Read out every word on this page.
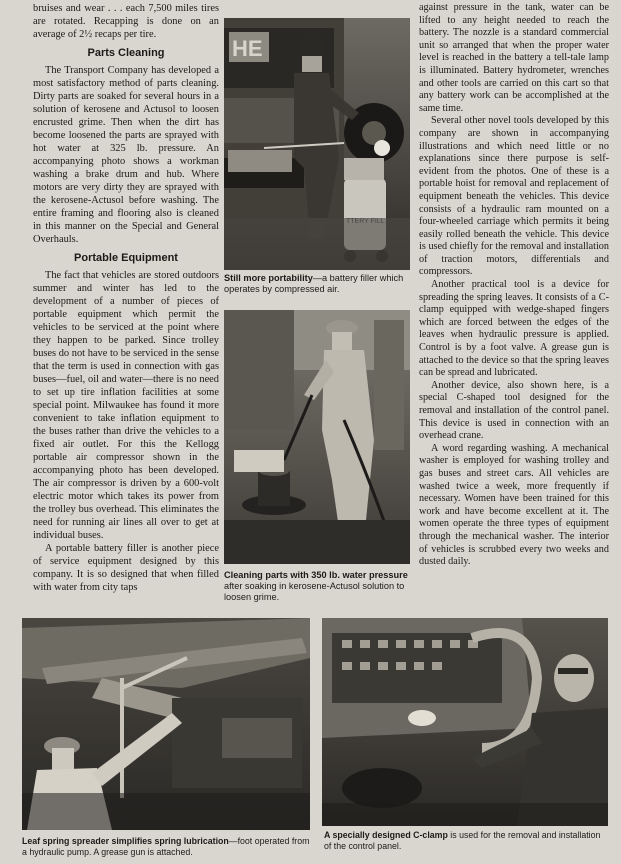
bruises and wear . . . each 7,500 miles tires are rotated. Recapping is done on an average of 2½ recaps per tire.

Parts Cleaning

The Transport Company has developed a most satisfactory method of parts cleaning. Dirty parts are soaked for several hours in a solution of kerosene and Actusol to loosen encrusted grime. Then when the dirt has become loosened the parts are sprayed with hot water at 325 lb. pressure. An accompanying photo shows a workman washing a brake drum and hub. Where motors are very dirty they are sprayed with the kerosene-Actusol before washing. The entire framing and flooring also is cleaned in this manner on the Special and General Overhauls.

Portable Equipment

The fact that vehicles are stored outdoors summer and winter has led to the development of a number of pieces of portable equipment which permit the vehicles to be serviced at the point where they happen to be parked. Since trolley buses do not have to be serviced in the sense that the term is used in connection with gas buses—fuel, oil and water—there is no need to set up tire inflation facilities at some special point. Milwaukee has found it more convenient to take inflation equipment to the buses rather than drive the vehicles to a fixed air outlet. For this the Kellogg portable air compressor shown in the accompanying photo has been developed. The air compressor is driven by a 600-volt electric motor which takes its power from the trolley bus overhead. This eliminates the need for running air lines all over to get at individual buses.

A portable battery filler is another piece of service equipment designed by this company. It is so designed that when filled with water from city taps

against pressure in the tank, water can be lifted to any height needed to reach the battery. The nozzle is a standard commercial unit so arranged that when the proper water level is reached in the battery a tell-tale lamp is illuminated. Battery hydrometer, wrenches and other tools are carried on this cart so that any battery work can be accomplished at the same time.

Several other novel tools developed by this company are shown in accompanying illustrations and which need little or no explanations since there purpose is self-evident from the photos. One of these is a portable hoist for removal and replacement of equipment beneath the vehicles. This device consists of a hydraulic ram mounted on a four-wheeled carriage which permits it being easily rolled beneath the vehicle. This device is used chiefly for the removal and installation of traction motors, differentials and compressors.

Another practical tool is a device for spreading the spring leaves. It consists of a C-clamp equipped with wedge-shaped fingers which are forced between the edges of the leaves when hydraulic pressure is applied. Control is by a foot valve. A grease gun is attached to the device so that the spring leaves can be spread and lubricated.

Another device, also shown here, is a special C-shaped tool designed for the removal and installation of the control panel. This device is used in connection with an overhead crane.

A word regarding washing. A mechanical washer is employed for washing trolley and gas buses and street cars. All vehicles are washed twice a week, more frequently if necessary. Women have been trained for this work and have become excellent at it. The women operate the three types of equipment through the mechanical washer. The interior of vehicles is scrubbed every two weeks and dusted daily.

HE
Still more portability—a battery filler which operates by compressed air.
Cleaning parts with 350 lb. water pressure after soaking in kerosene-Actusol solution to loosen grime.
Leaf spring spreader simplifies spring lubrication—foot operated from a hydraulic pump. A grease gun is attached.
A specially designed C-clamp is used for the removal and installation of the control panel.
